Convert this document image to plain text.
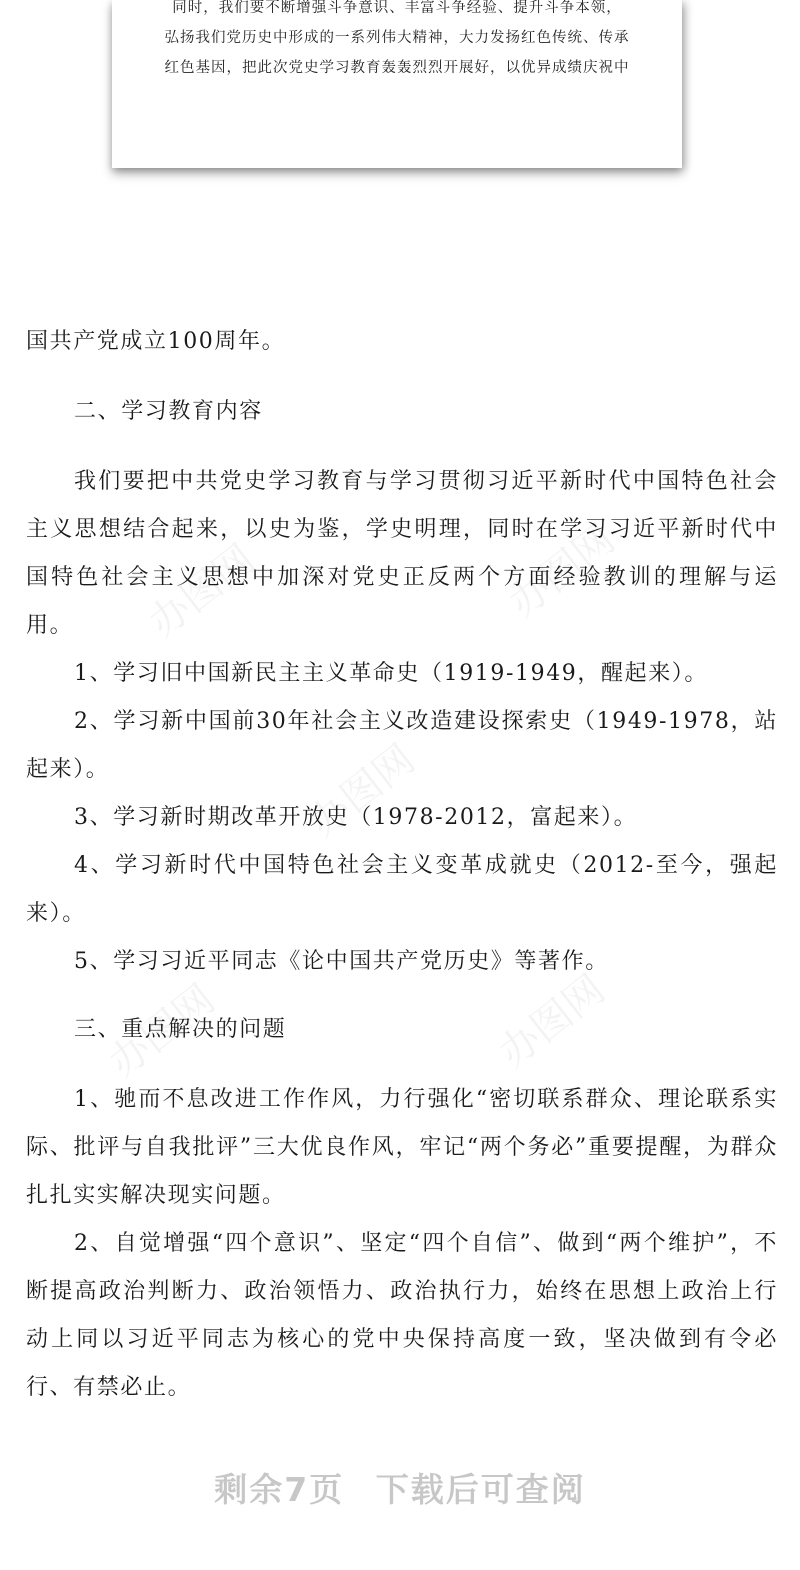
同时，我们要不断增强斗争意识、丰富斗争经验、提升斗争本领，
弘扬我们党历史中形成的一系列伟大精神，大力发扬红色传统、传承
红色基因，把此次党史学习教育轰轰烈烈开展好，以优异成绩庆祝中

国共产党成立100周年。

二、学习教育内容

我们要把中共党史学习教育与学习贯彻习近平新时代中国特色社会主义思想结合起来，以史为鉴，学史明理，同时在学习习近平新时代中国特色社会主义思想中加深对党史正反两个方面经验教训的理解与运用。

1、学习旧中国新民主主义革命史（1919-1949，醒起来）。

2、学习新中国前30年社会主义改造建设探索史（1949-1978，站起来）。

3、学习新时期改革开放史（1978-2012，富起来）。

4、学习新时代中国特色社会主义变革成就史（2012-至今，强起来）。

5、学习习近平同志《论中国共产党历史》等著作。

三、重点解决的问题

1、驰而不息改进工作作风，力行强化“密切联系群众、理论联系实际、批评与自我批评”三大优良作风，牢记“两个务必”重要提醒，为群众扎扎实实解决现实问题。

2、自觉增强“四个意识”、坚定“四个自信”、做到“两个维护”，不断提高政治判断力、政治领悟力、政治执行力，始终在思想上政治上行动上同以习近平同志为核心的党中央保持高度一致，坚决做到有令必行、有禁必止。

剩余7页 下载后可查阅
